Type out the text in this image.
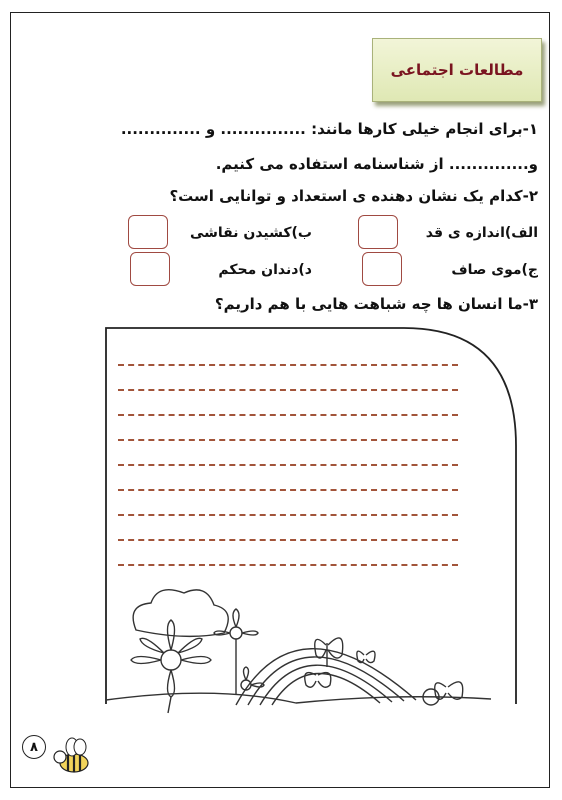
مطالعات اجتماعی
۱-برای انجام خیلی کارها مانند: ............... و ..............
و.............. از شناسنامه استفاده می کنیم.
۲-کدام یک نشان دهنده ی استعداد و توانایی است؟
الف)اندازه ی قد
ب)کشیدن نقاشی
ج)موی صاف
د)دندان محکم
۳-ما انسان ها چه شباهت هایی با هم داریم؟
۸
